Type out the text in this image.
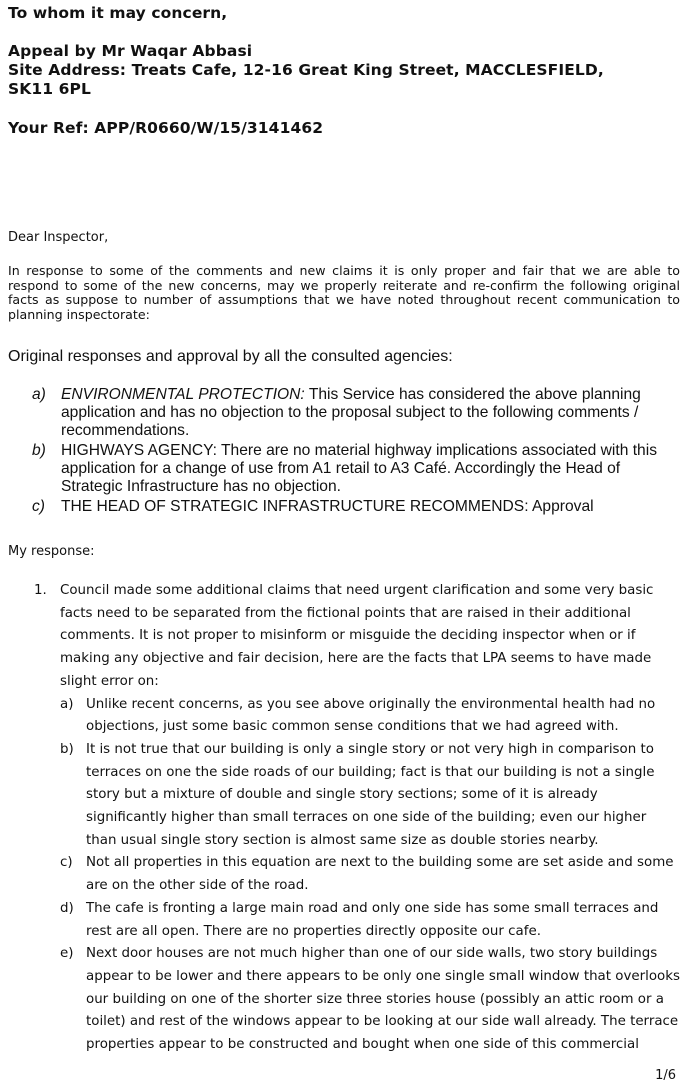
To whom it may concern,
Appeal by Mr Waqar Abbasi
Site Address: Treats Cafe, 12-16 Great King Street, MACCLESFIELD,
SK11 6PL
Your Ref: APP/R0660/W/15/3141462
Dear Inspector,
In response to some of the comments and new claims it is only proper and fair that we are able to respond to some of the new concerns, may we properly reiterate and re-confirm the following original facts as suppose to number of assumptions that we have noted throughout recent communication to planning inspectorate:
Original responses and approval by all the consulted agencies:
a) ENVIRONMENTAL PROTECTION: This Service has considered the above planning application and has no objection to the proposal subject to the following comments / recommendations.
b) HIGHWAYS AGENCY: There are no material highway implications associated with this application for a change of use from A1 retail to A3 Café. Accordingly the Head of Strategic Infrastructure has no objection.
c)	THE HEAD OF STRATEGIC INFRASTRUCTURE RECOMMENDS: Approval
My response:
1. Council made some additional claims that need urgent clarification and some very basic facts need to be separated from the fictional points that are raised in their additional comments. It is not proper to misinform or misguide the deciding inspector when or if making any objective and fair decision, here are the facts that LPA seems to have made slight error on:
a) Unlike recent concerns, as you see above originally the environmental health had no objections, just some basic common sense conditions that we had agreed with.
b) It is not true that our building is only a single story or not very high in comparison to terraces on one the side roads of our building; fact is that our building is not a single story but a mixture of double and single story sections; some of it is already significantly higher than small terraces on one side of the building; even our higher than usual single story section is almost same size as double stories nearby.
c)	Not all properties in this equation are next to the building some are set aside and some are on the other side of the road.
d) The cafe is fronting a large main road and only one side has some small terraces and rest are all open. There are no properties directly opposite our cafe.
e) Next door houses are not much higher than one of our side walls, two story buildings appear to be lower and there appears to be only one single small window that overlooks our building on one of the shorter size three stories house (possibly an attic room or a toilet) and rest of the windows appear to be looking at our side wall already. The terrace properties appear to be constructed and bought when one side of this commercial
1/6
